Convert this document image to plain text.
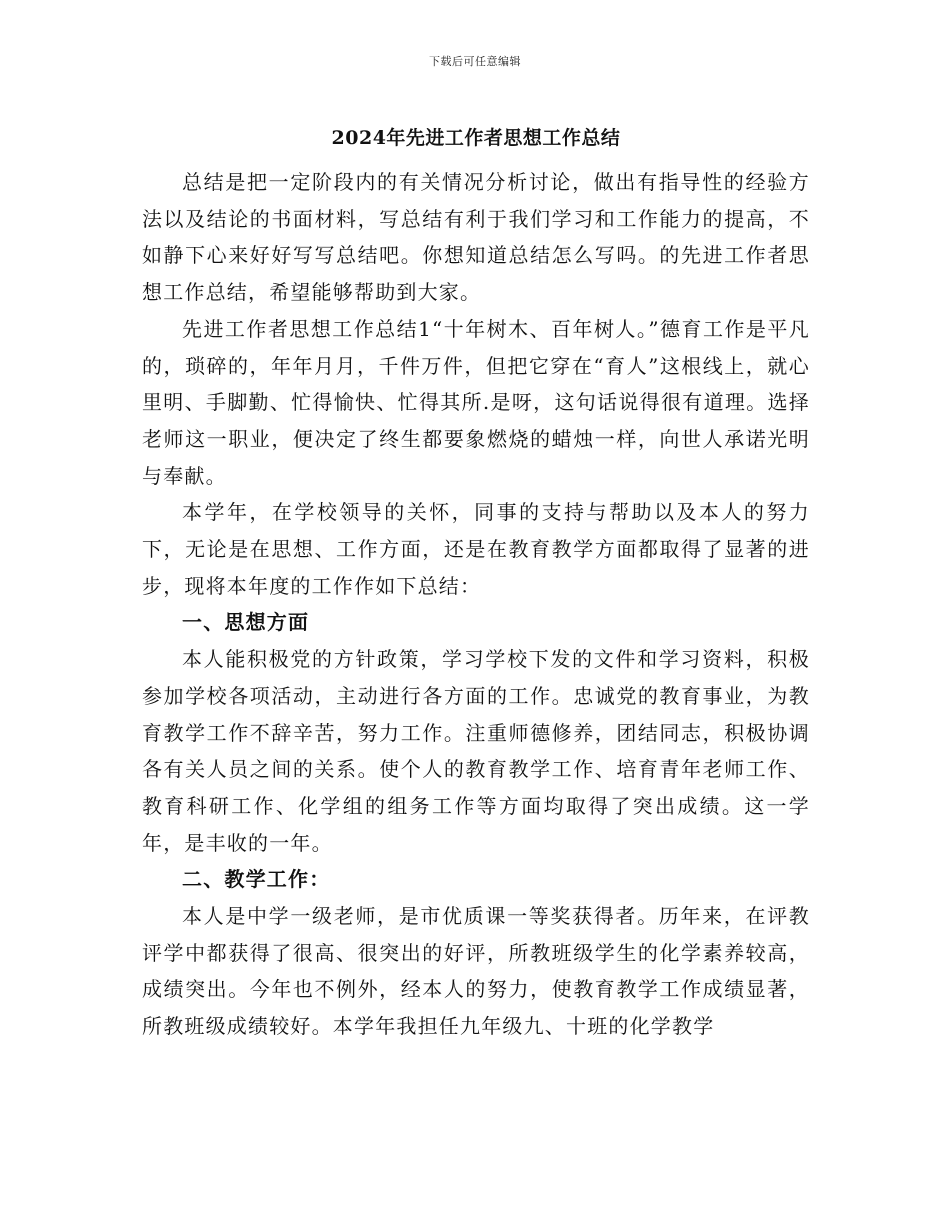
下载后可任意编辑
2024年先进工作者思想工作总结

总结是把一定阶段内的有关情况分析讨论，做出有指导性的经验方法以及结论的书面材料，写总结有利于我们学习和工作能力的提高，不如静下心来好好写写总结吧。你想知道总结怎么写吗。的先进工作者思想工作总结，希望能够帮助到大家。

先进工作者思想工作总结1“十年树木、百年树人。”德育工作是平凡的，琐碎的，年年月月，千件万件，但把它穿在“育人”这根线上，就心里明、手脚勤、忙得愉快、忙得其所.是呀，这句话说得很有道理。选择老师这一职业，便决定了终生都要象燃烧的蜡烛一样，向世人承诺光明与奉献。

本学年，在学校领导的关怀，同事的支持与帮助以及本人的努力下，无论是在思想、工作方面，还是在教育教学方面都取得了显著的进步，现将本年度的工作作如下总结：

一、思想方面

本人能积极党的方针政策，学习学校下发的文件和学习资料，积极参加学校各项活动，主动进行各方面的工作。忠诚党的教育事业，为教育教学工作不辞辛苦，努力工作。注重师德修养，团结同志，积极协调各有关人员之间的关系。使个人的教育教学工作、培育青年老师工作、教育科研工作、化学组的组务工作等方面均取得了突出成绩。这一学年，是丰收的一年。

二、教学工作：

本人是中学一级老师，是市优质课一等奖获得者。历年来，在评教评学中都获得了很高、很突出的好评，所教班级学生的化学素养较高，成绩突出。今年也不例外，经本人的努力，使教育教学工作成绩显著，所教班级成绩较好。本学年我担任九年级九、十班的化学教学
